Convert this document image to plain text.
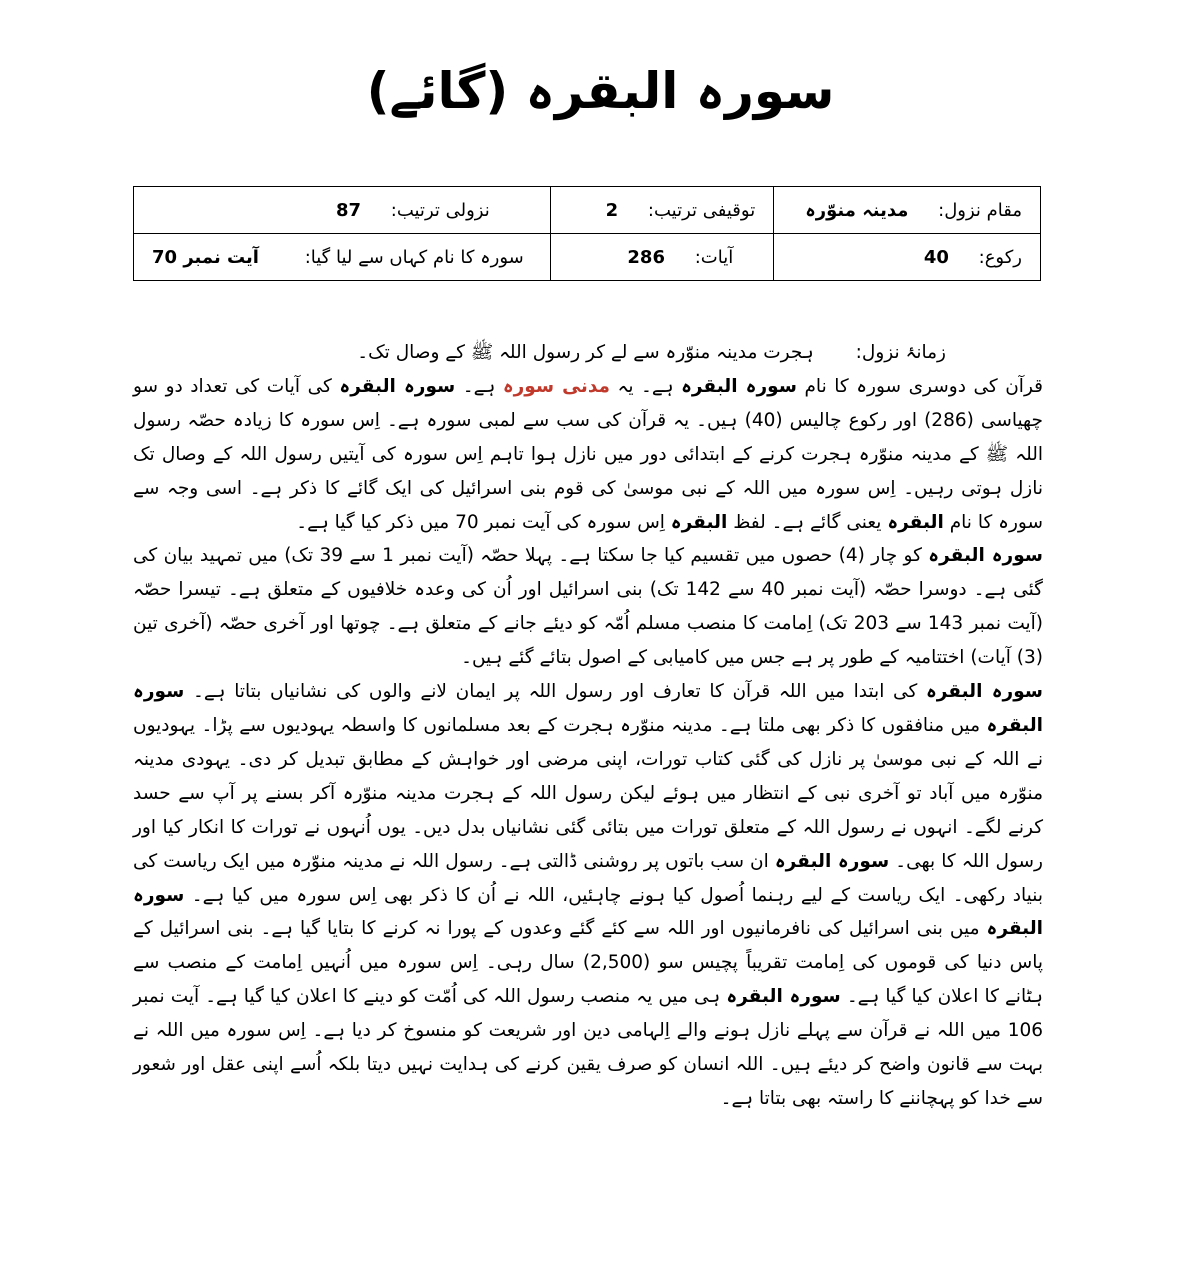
سورہ البقرہ (گائے)
مقام نزول: مدینہ منوّرہ	توقیفی ترتیب: 2	نزولی ترتیب: 87
رکوع: 40	آیات: 286	سورہ کا نام کہاں سے لیا گیا: آیت نمبر 70

زمانۂ نزول:ہجرت مدینہ منوّرہ سے لے کر رسول اللہ ﷺ کے وصال تک۔

قرآن کی دوسری سورہ کا نام سورہ البقرہ ہے۔ یہ مدنی سورہ ہے۔ سورہ البقرہ کی آیات کی تعداد دو سو چھیاسی (286) اور رکوع چالیس (40) ہیں۔ یہ قرآن کی سب سے لمبی سورہ ہے۔ اِس سورہ کا زیادہ حصّہ رسول اللہ ﷺ کے مدینہ منوّرہ ہجرت کرنے کے ابتدائی دور میں نازل ہوا تاہم اِس سورہ کی آیتیں رسول اللہ کے وصال تک نازل ہوتی رہیں۔ اِس سورہ میں اللہ کے نبی موسیٰ کی قوم بنی اسرائیل کی ایک گائے کا ذکر ہے۔ اسی وجہ سے سورہ کا نام البقرہ یعنی گائے ہے۔ لفظ البقرہ اِس سورہ کی آیت نمبر 70 میں ذکر کیا گیا ہے۔

سورہ البقرہ کو چار (4) حصوں میں تقسیم کیا جا سکتا ہے۔ پہلا حصّہ (آیت نمبر 1 سے 39 تک) میں تمہید بیان کی گئی ہے۔ دوسرا حصّہ (آیت نمبر 40 سے 142 تک) بنی اسرائیل اور اُن کی وعدہ خلافیوں کے متعلق ہے۔ تیسرا حصّہ (آیت نمبر 143 سے 203 تک) اِمامت کا منصب مسلم اُمّہ کو دیئے جانے کے متعلق ہے۔ چوتھا اور آخری حصّہ (آخری تین (3) آیات) اختتامیہ کے طور پر ہے جس میں کامیابی کے اصول بتائے گئے ہیں۔

سورہ البقرہ کی ابتدا میں اللہ قرآن کا تعارف اور رسول اللہ پر ایمان لانے والوں کی نشانیاں بتاتا ہے۔ سورہ البقرہ میں منافقوں کا ذکر بھی ملتا ہے۔ مدینہ منوّرہ ہجرت کے بعد مسلمانوں کا واسطہ یہودیوں سے پڑا۔ یہودیوں نے اللہ کے نبی موسیٰ پر نازل کی گئی کتاب تورات، اپنی مرضی اور خواہش کے مطابق تبدیل کر دی۔ یہودی مدینہ منوّرہ میں آباد تو آخری نبی کے انتظار میں ہوئے لیکن رسول اللہ کے ہجرت مدینہ منوّرہ آکر بسنے پر آپ سے حسد کرنے لگے۔ انہوں نے رسول اللہ کے متعلق تورات میں بتائی گئی نشانیاں بدل دیں۔ یوں اُنہوں نے تورات کا انکار کیا اور رسول اللہ کا بھی۔ سورہ البقرہ ان سب باتوں پر روشنی ڈالتی ہے۔ رسول اللہ نے مدینہ منوّرہ میں ایک ریاست کی بنیاد رکھی۔ ایک ریاست کے لیے رہنما اُصول کیا ہونے چاہئیں، اللہ نے اُن کا ذکر بھی اِس سورہ میں کیا ہے۔ سورہ البقرہ میں بنی اسرائیل کی نافرمانیوں اور اللہ سے کئے گئے وعدوں کے پورا نہ کرنے کا بتایا گیا ہے۔ بنی اسرائیل کے پاس دنیا کی قوموں کی اِمامت تقریباً پچیس سو (2,500) سال رہی۔ اِس سورہ میں اُنہیں اِمامت کے منصب سے ہٹانے کا اعلان کیا گیا ہے۔ سورہ البقرہ ہی میں یہ منصب رسول اللہ کی اُمّت کو دینے کا اعلان کیا گیا ہے۔ آیت نمبر 106 میں اللہ نے قرآن سے پہلے نازل ہونے والے اِلہامی دین اور شریعت کو منسوخ کر دیا ہے۔ اِس سورہ میں اللہ نے بہت سے قانون واضح کر دیئے ہیں۔ اللہ انسان کو صرف یقین کرنے کی ہدایت نہیں دیتا بلکہ اُسے اپنی عقل اور شعور سے خدا کو پہچاننے کا راستہ بھی بتاتا ہے۔
